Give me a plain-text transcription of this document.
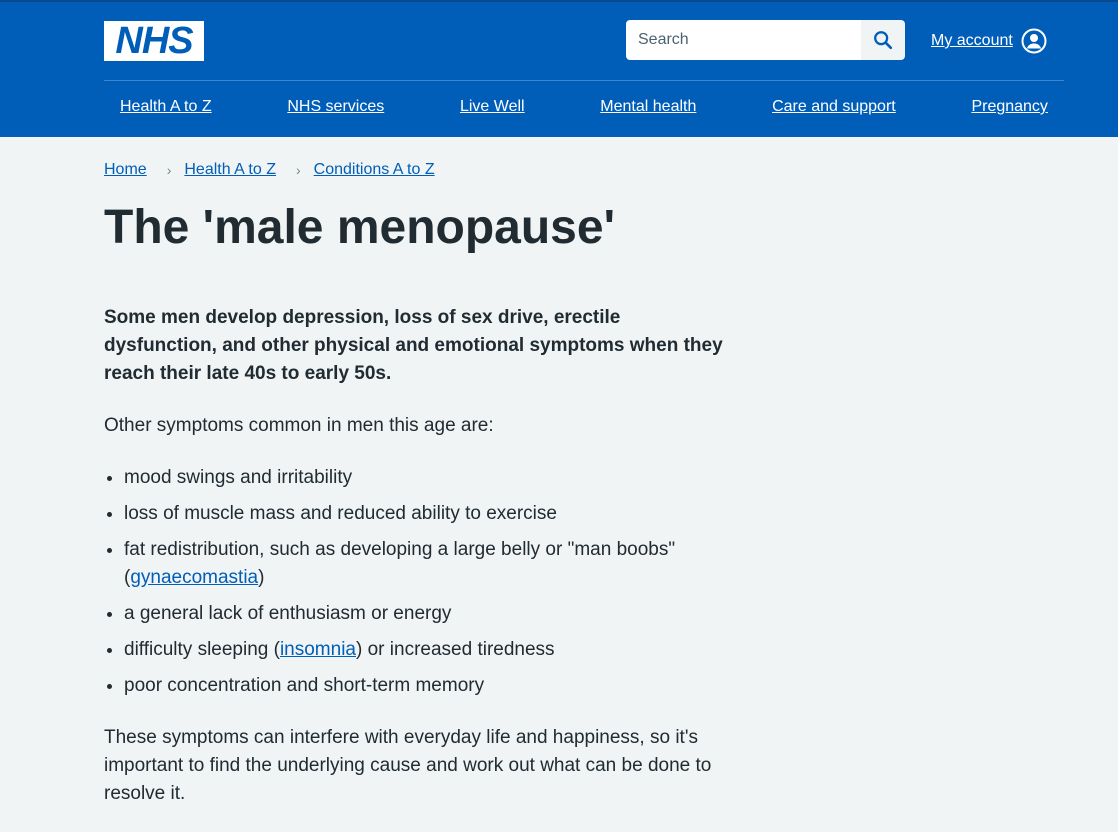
NHS
Search	My account
Health A to Z	NHS services	Live Well	Mental health	Care and support	Pregnancy
Home › Health A to Z › Conditions A to Z
The 'male menopause'

Some men develop depression, loss of sex drive, erectile dysfunction, and other physical and emotional symptoms when they reach their late 40s to early 50s.

Other symptoms common in men this age are:

• mood swings and irritability
• loss of muscle mass and reduced ability to exercise
• fat redistribution, such as developing a large belly or "man boobs" (gynaecomastia)
• a general lack of enthusiasm or energy
• difficulty sleeping (insomnia) or increased tiredness
• poor concentration and short-term memory

These symptoms can interfere with everyday life and happiness, so it's important to find the underlying cause and work out what can be done to resolve it.
